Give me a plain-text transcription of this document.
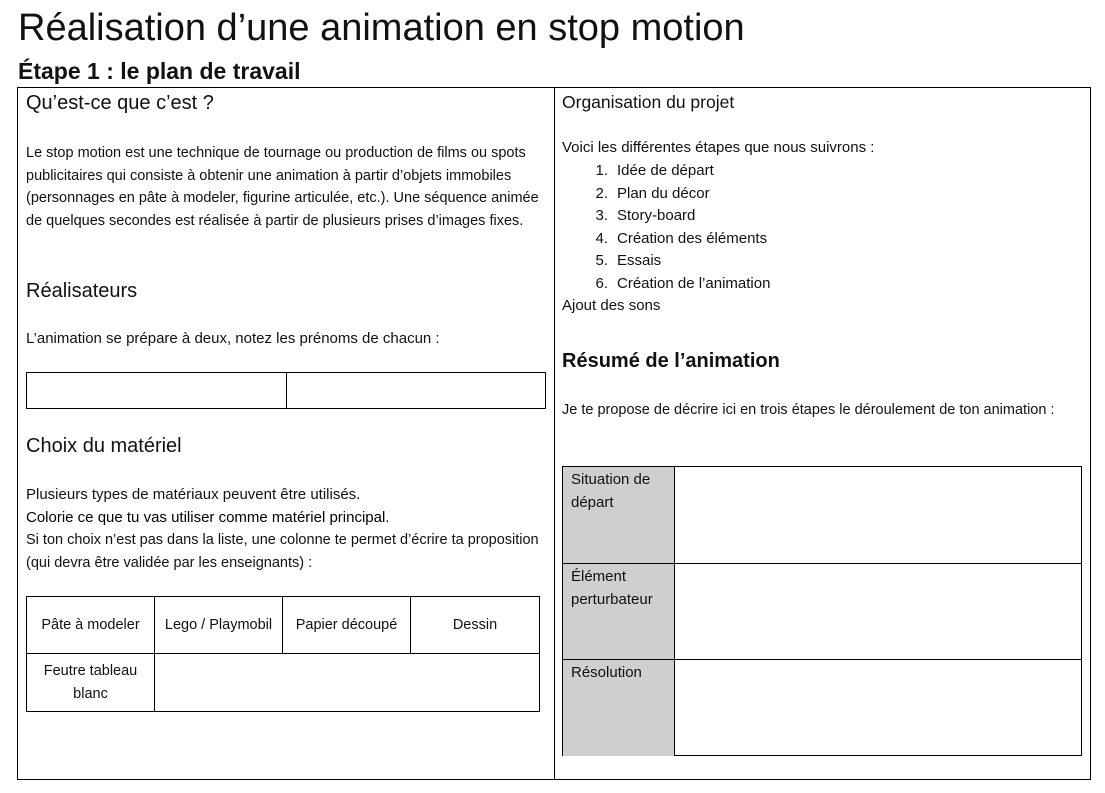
Réalisation d’une animation en stop motion
Étape 1 : le plan de travail
Qu’est-ce que c’est ?
Le stop motion est une technique de tournage ou production de films ou spots publicitaires qui consiste à obtenir une animation à partir d’objets immobiles (personnages en pâte à modeler, figurine articulée, etc.). Une séquence animée de quelques secondes est réalisée à partir de plusieurs prises d’images fixes.
Réalisateurs
L’animation se prépare à deux, notez les prénoms de chacun :
Choix du matériel
Plusieurs types de matériaux peuvent être utilisés.
Colorie ce que tu vas utiliser comme matériel principal.
Si ton choix n’est pas dans la liste, une colonne te permet d’écrire ta proposition (qui devra être validée par les enseignants) :
Pâte à modeler Lego / Playmobil Papier découpé	Dessin
Feutre tableau blanc
Organisation du projet
Voici les différentes étapes que nous suivrons :
1. Idée de départ
2. Plan du décor
3. Story-board
4. Création des éléments
5. Essais
6. Création de l’animation
Ajout des sons
Résumé de l’animation
Je te propose de décrire ici en trois étapes le déroulement de ton animation :
Situation de départ
Élément perturbateur
Résolution
